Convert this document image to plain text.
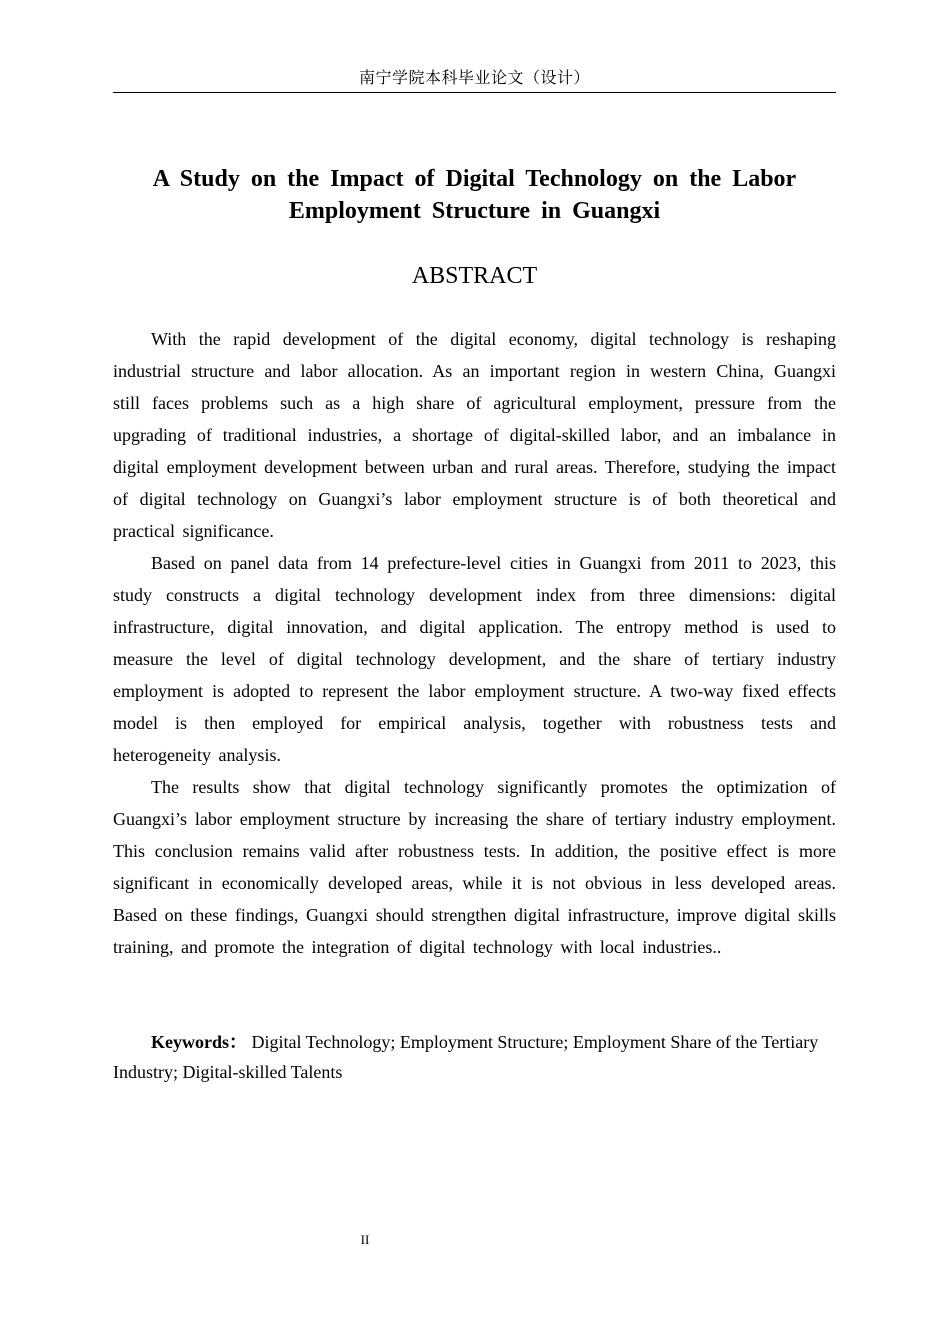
南宁学院本科毕业论文（设计）
A Study on the Impact of Digital Technology on the Labor Employment Structure in Guangxi
ABSTRACT

With the rapid development of the digital economy, digital technology is reshaping industrial structure and labor allocation. As an important region in western China, Guangxi still faces problems such as a high share of agricultural employment, pressure from the upgrading of traditional industries, a shortage of digital-skilled labor, and an imbalance in digital employment development between urban and rural areas. Therefore, studying the impact of digital technology on Guangxi’s labor employment structure is of both theoretical and practical significance.

Based on panel data from 14 prefecture-level cities in Guangxi from 2011 to 2023, this study constructs a digital technology development index from three dimensions: digital infrastructure, digital innovation, and digital application. The entropy method is used to measure the level of digital technology development, and the share of tertiary industry employment is adopted to represent the labor employment structure. A two-way fixed effects model is then employed for empirical analysis, together with robustness tests and heterogeneity analysis.

The results show that digital technology significantly promotes the optimization of Guangxi’s labor employment structure by increasing the share of tertiary industry employment. This conclusion remains valid after robustness tests. In addition, the positive effect is more significant in economically developed areas, while it is not obvious in less developed areas. Based on these findings, Guangxi should strengthen digital infrastructure, improve digital skills training, and promote the integration of digital technology with local industries..

Keywords： Digital Technology; Employment Structure; Employment Share of the Tertiary Industry; Digital-skilled Talents

II
